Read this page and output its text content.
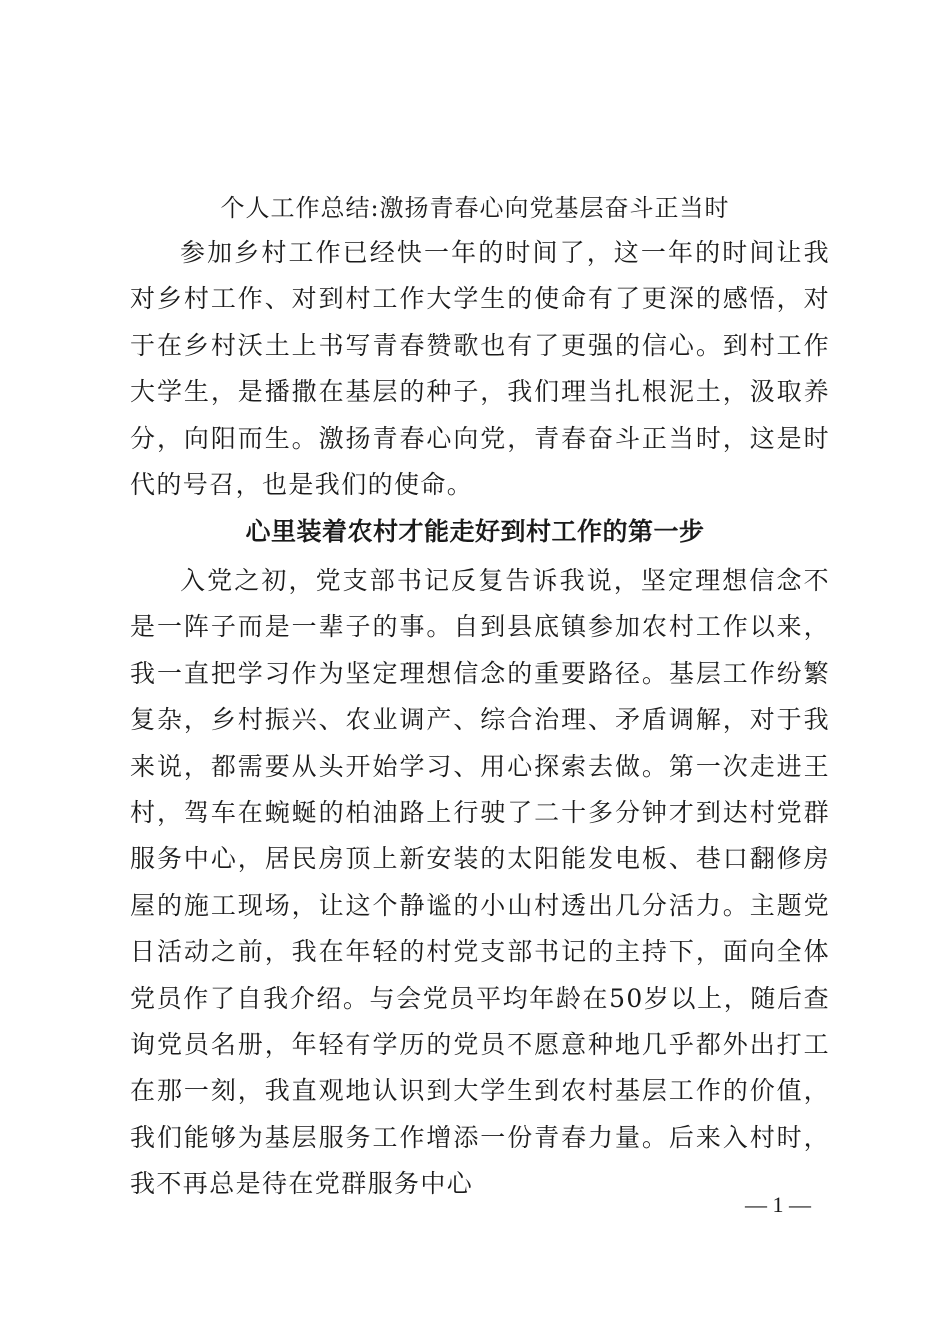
个人工作总结:激扬青春心向党基层奋斗正当时

参加乡村工作已经快一年的时间了，这一年的时间让我对乡村工作、对到村工作大学生的使命有了更深的感悟，对于在乡村沃土上书写青春赞歌也有了更强的信心。到村工作大学生，是播撒在基层的种子，我们理当扎根泥土，汲取养分，向阳而生。激扬青春心向党，青春奋斗正当时，这是时代的号召，也是我们的使命。

心里装着农村才能走好到村工作的第一步

入党之初，党支部书记反复告诉我说，坚定理想信念不是一阵子而是一辈子的事。自到县底镇参加农村工作以来，我一直把学习作为坚定理想信念的重要路径。基层工作纷繁复杂，乡村振兴、农业调产、综合治理、矛盾调解，对于我来说，都需要从头开始学习、用心探索去做。第一次走进王村，驾车在蜿蜒的柏油路上行驶了二十多分钟才到达村党群服务中心，居民房顶上新安装的太阳能发电板、巷口翻修房屋的施工现场，让这个静谧的小山村透出几分活力。主题党日活动之前，我在年轻的村党支部书记的主持下，面向全体党员作了自我介绍。与会党员平均年龄在50岁以上，随后查询党员名册，年轻有学历的党员不愿意种地几乎都外出打工在那一刻，我直观地认识到大学生到农村基层工作的价值，我们能够为基层服务工作增添一份青春力量。后来入村时，我不再总是待在党群服务中心

— 1 —
